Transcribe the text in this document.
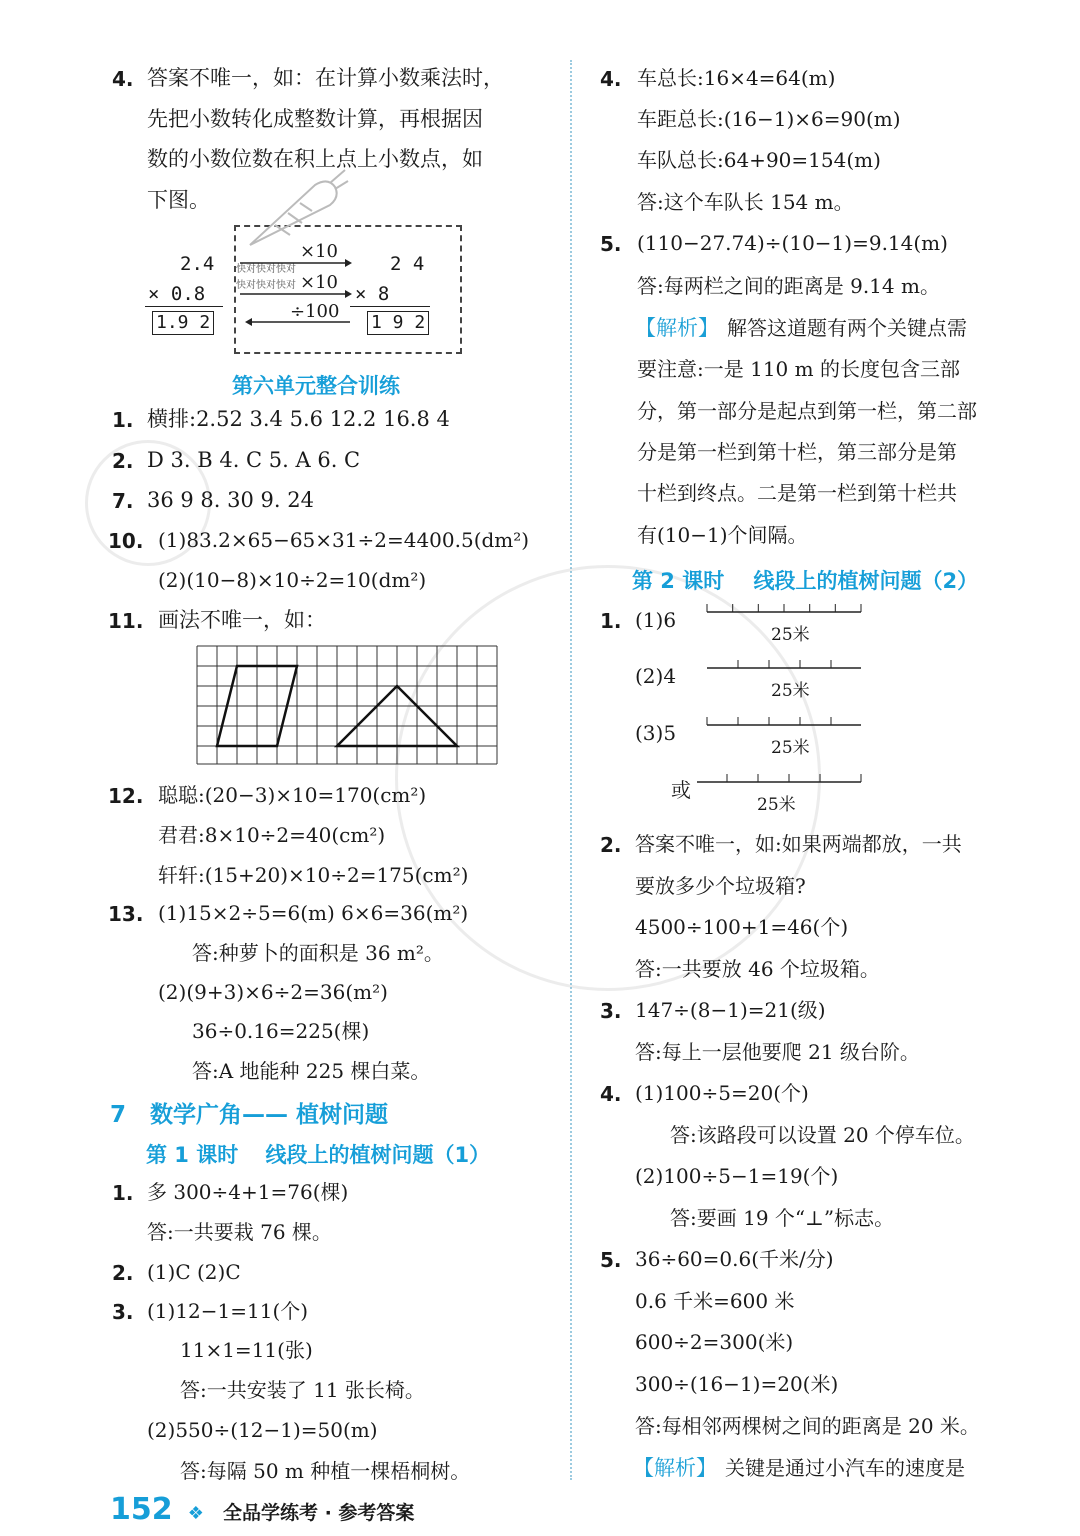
4. 答案不唯一，如：在计算小数乘法时，
先把小数转化成整数计算，再根据因
数的小数位数在积上点上小数点，如
下图。
2.4
× 0.8
1.9 2
2 4
× 8
1 9 2
×10
×10
÷100
快对快对快对
快对快对快对
第六单元整合训练
1. 横排:2.52 3.4 5.6 12.2 16.8 4
2. D 3. B 4. C 5. A 6. C
7. 36 9 8. 30 9. 24
10. (1)83.2×65−65×31÷2=4400.5(dm²)
(2)(10−8)×10÷2=10(dm²)
11. 画法不唯一，如：
12. 聪聪:(20−3)×10=170(cm²)
君君:8×10÷2=40(cm²)
轩轩:(15+20)×10÷2=175(cm²)
13. (1)15×2÷5=6(m) 6×6=36(m²)
答:种萝卜的面积是 36 m²。
(2)(9+3)×6÷2=36(m²)
36÷0.16=225(棵)
答:A 地能种 225 棵白菜。
7 数学广角—— 植树问题
第 1 课时 线段上的植树问题（1）
1. 多 300÷4+1=76(棵)
答:一共要栽 76 棵。
2. (1)C (2)C
3. (1)12−1=11(个)
11×1=11(张)
答:一共安装了 11 张长椅。
(2)550÷(12−1)=50(m)
答:每隔 50 m 种植一棵梧桐树。
4. 车总长:16×4=64(m)
车距总长:(16−1)×6=90(m)
车队总长:64+90=154(m)
答:这个车队长 154 m。
5. (110−27.74)÷(10−1)=9.14(m)
答:每两栏之间的距离是 9.14 m。
【解析】 解答这道题有两个关键点需
要注意:一是 110 m 的长度包含三部
分，第一部分是起点到第一栏，第二部
分是第一栏到第十栏，第三部分是第
十栏到终点。二是第一栏到第十栏共
有(10−1)个间隔。
第 2 课时 线段上的植树问题（2）
1. (1)6
(2)4
(3)5
或
25米
25米
25米
25米
2. 答案不唯一，如:如果两端都放，一共
要放多少个垃圾箱?
4500÷100+1=46(个)
答:一共要放 46 个垃圾箱。
3. 147÷(8−1)=21(级)
答:每上一层他要爬 21 级台阶。
4. (1)100÷5=20(个)
答:该路段可以设置 20 个停车位。
(2)100÷5−1=19(个)
答:要画 19 个“⊥”标志。
5. 36÷60=0.6(千米/分)
0.6 千米=600 米
600÷2=300(米)
300÷(16−1)=20(米)
答:每相邻两棵树之间的距离是 20 米。
【解析】 关键是通过小汽车的速度是
152 ❖ 全品学练考 · 参考答案
